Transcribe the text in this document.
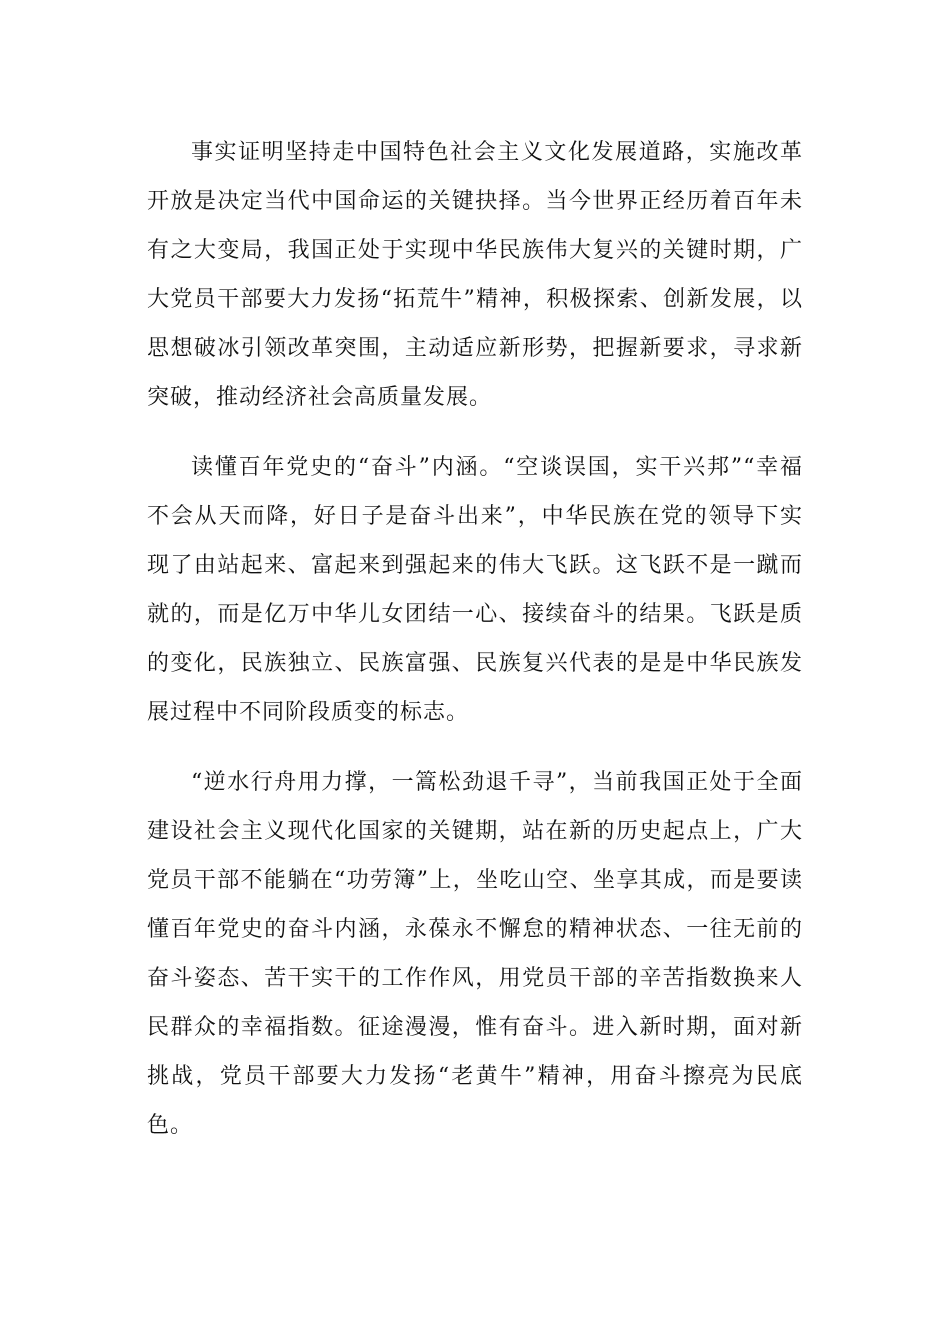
事实证明坚持走中国特色社会主义文化发展道路，实施改革开放是决定当代中国命运的关键抉择。当今世界正经历着百年未有之大变局，我国正处于实现中华民族伟大复兴的关键时期，广大党员干部要大力发扬“拓荒牛”精神，积极探索、创新发展，以思想破冰引领改革突围，主动适应新形势，把握新要求，寻求新突破，推动经济社会高质量发展。

读懂百年党史的“奋斗”内涵。“空谈误国，实干兴邦”“幸福不会从天而降，好日子是奋斗出来”，中华民族在党的领导下实现了由站起来、富起来到强起来的伟大飞跃。这飞跃不是一蹴而就的，而是亿万中华儿女团结一心、接续奋斗的结果。飞跃是质的变化，民族独立、民族富强、民族复兴代表的是是中华民族发展过程中不同阶段质变的标志。

“逆水行舟用力撑，一篙松劲退千寻”，当前我国正处于全面建设社会主义现代化国家的关键期，站在新的历史起点上，广大党员干部不能躺在“功劳簿”上，坐吃山空、坐享其成，而是要读懂百年党史的奋斗内涵，永葆永不懈怠的精神状态、一往无前的奋斗姿态、苦干实干的工作作风，用党员干部的辛苦指数换来人民群众的幸福指数。征途漫漫，惟有奋斗。进入新时期，面对新挑战，党员干部要大力发扬“老黄牛”精神，用奋斗擦亮为民底色。
